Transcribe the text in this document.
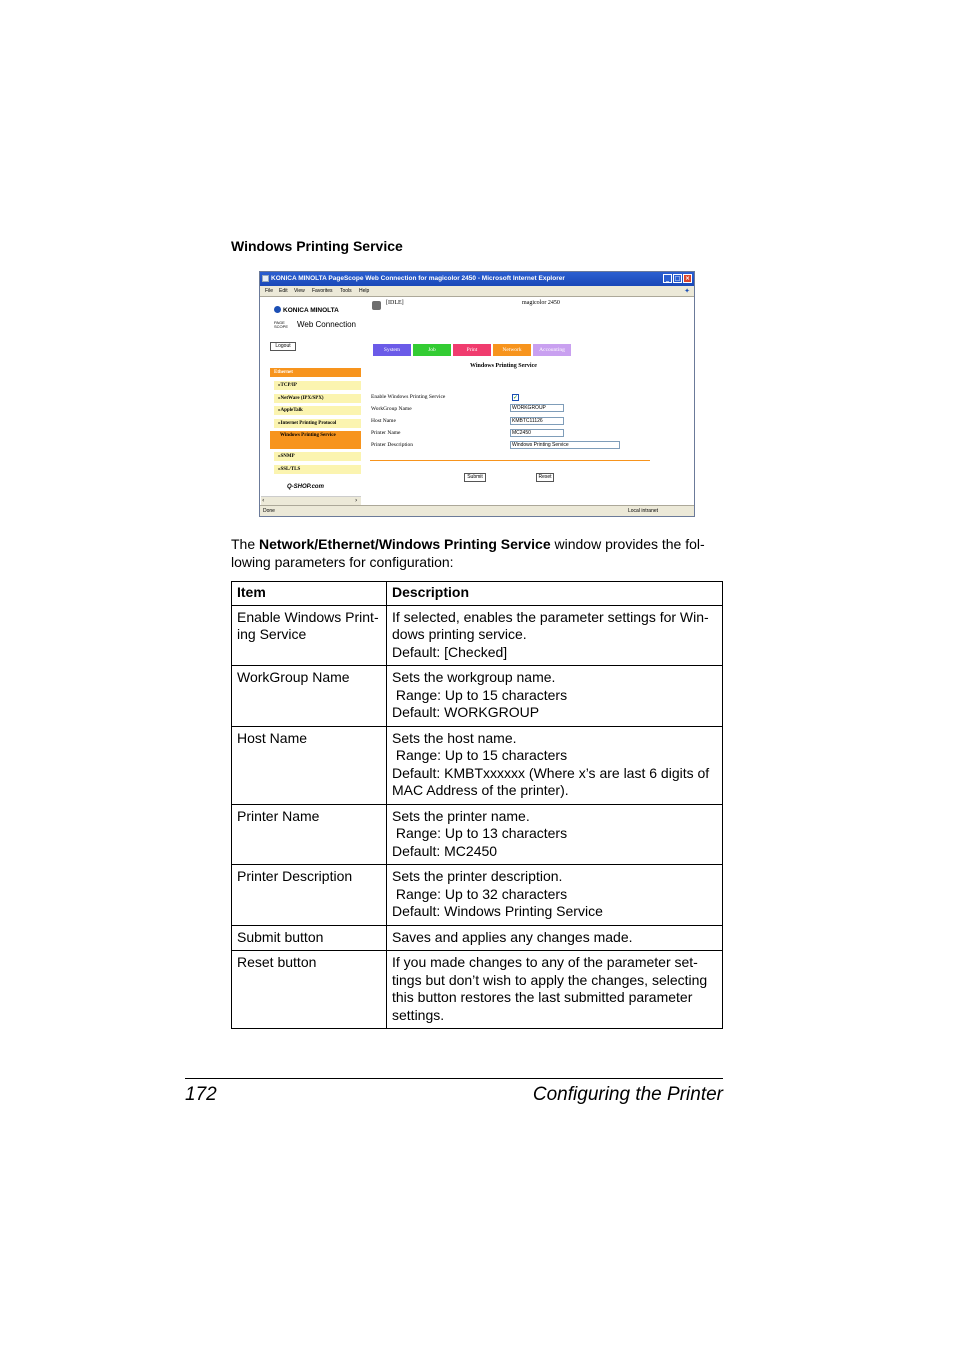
Windows Printing Service
KONICA MINOLTA PageScope Web Connection for magicolor 2450 - Microsoft Internet Explorer	_ □ ×
File Edit View Favorites Tools Help	✦
KONICA MINOLTA
PAGE SCOPE Web Connection
Logout
Ethernet
»TCP/IP
»NetWare (IPX/SPX)
»AppleTalk
»Internet Printing Protocol
Windows Printing Service
»SNMP
»SSL/TLS
[IDLE]	magicolor 2450
System	Job	Print	Network	Accounting
Windows Printing Service
Enable Windows Printing Service	✓
WorkGroup Name	WORKGROUP
Host Name	KMBTC11126
Printer Name	MC2450
Printer Description	Windows Printing Service
Submit	Reset
Q-SHOP.com
‹	›
Done	Local intranet
The Network/Ethernet/Windows Printing Service window provides the fol-
lowing parameters for configuration:
Item	Description

Enable Windows Print-
ing Service	If selected, enables the parameter settings for Win-
dows printing service.
Default: [Checked]

WorkGroup Name	Sets the workgroup name.
Range: Up to 15 characters
Default: WORKGROUP

Host Name	Sets the host name.
Range: Up to 15 characters
Default: KMBTxxxxxx (Where x’s are last 6 digits of
MAC Address of the printer).

Printer Name	Sets the printer name.
Range: Up to 13 characters
Default: MC2450

Printer Description	Sets the printer description.
Range: Up to 32 characters
Default: Windows Printing Service

Submit button	Saves and applies any changes made.

Reset button	If you made changes to any of the parameter set-
tings but don’t wish to apply the changes, selecting
this button restores the last submitted parameter
settings.
172	Configuring the Printer
